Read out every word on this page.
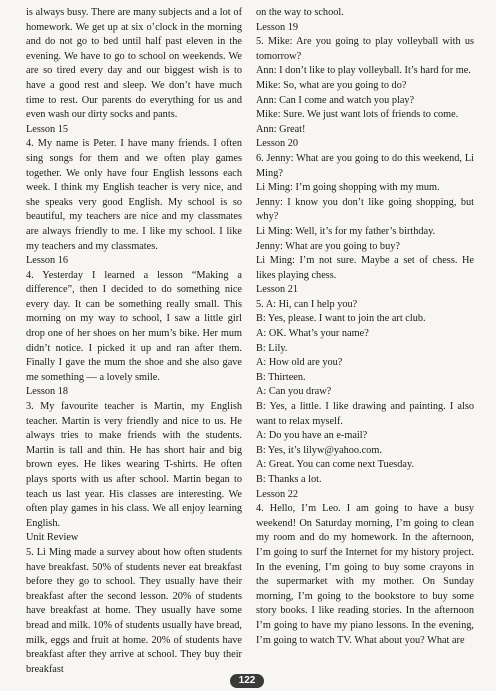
is always busy. There are many subjects and a lot of homework. We get up at six o’clock in the morning and do not go to bed until half past eleven in the evening. We have to go to school on weekends. We are so tired every day and our biggest wish is to have a good rest and sleep. We don’t have much time to rest. Our parents do everything for us and even wash our dirty socks and pants.

Lesson 15

4. My name is Peter. I have many friends. I often sing songs for them and we often play games together. We only have four English lessons each week. I think my English teacher is very nice, and she speaks very good English. My school is so beautiful, my teachers are nice and my classmates are always friendly to me. I like my school. I like my teachers and my classmates.

Lesson 16

4. Yesterday I learned a lesson “Making a difference”, then I decided to do something nice every day. It can be something really small. This morning on my way to school, I saw a little girl drop one of her shoes on her mum’s bike. Her mum didn’t notice. I picked it up and ran after them. Finally I gave the mum the shoe and she also gave me something — a lovely smile.

Lesson 18

3. My favourite teacher is Martin, my English teacher. Martin is very friendly and nice to us. He always tries to make friends with the students. Martin is tall and thin. He has short hair and big brown eyes. He likes wearing T-shirts. He often plays sports with us after school. Martin began to teach us last year. His classes are interesting. We often play games in his class. We all enjoy learning English.

Unit Review

5. Li Ming made a survey about how often students have breakfast. 50% of students never eat breakfast before they go to school. They usually have their breakfast after the second lesson. 20% of students have breakfast at home. They usually have some bread and milk. 10% of students usually have bread, milk, eggs and fruit at home. 20% of students have breakfast after they arrive at school. They buy their breakfast

on the way to school.

Lesson 19

5. Mike: Are you going to play volleyball with us tomorrow?

Ann: I don’t like to play volleyball. It’s hard for me.

Mike: So, what are you going to do?

Ann: Can I come and watch you play?

Mike: Sure. We just want lots of friends to come.

Ann: Great!

Lesson 20

6. Jenny: What are you going to do this weekend, Li Ming?

Li Ming: I’m going shopping with my mum.

Jenny: I know you don’t like going shopping, but why?

Li Ming: Well, it’s for my father’s birthday.

Jenny: What are you going to buy?

Li Ming: I’m not sure. Maybe a set of chess. He likes playing chess.

Lesson 21

5. A: Hi, can I help you?

B: Yes, please. I want to join the art club.

A: OK. What’s your name?

B: Lily.

A: How old are you?

B: Thirteen.

A: Can you draw?

B: Yes, a little. I like drawing and painting. I also want to relax myself.

A: Do you have an e-mail?

B: Yes, it’s lilyw@yahoo.com.

A: Great. You can come next Tuesday.

B: Thanks a lot.

Lesson 22

4. Hello, I’m Leo. I am going to have a busy weekend! On Saturday morning, I’m going to clean my room and do my homework. In the afternoon, I’m going to surf the Internet for my history project. In the evening, I’m going to buy some crayons in the supermarket with my mother. On Sunday morning, I’m going to the bookstore to buy some story books. I like reading stories. In the afternoon I’m going to have my piano lessons. In the evening, I’m going to watch TV. What about you? What are

122
